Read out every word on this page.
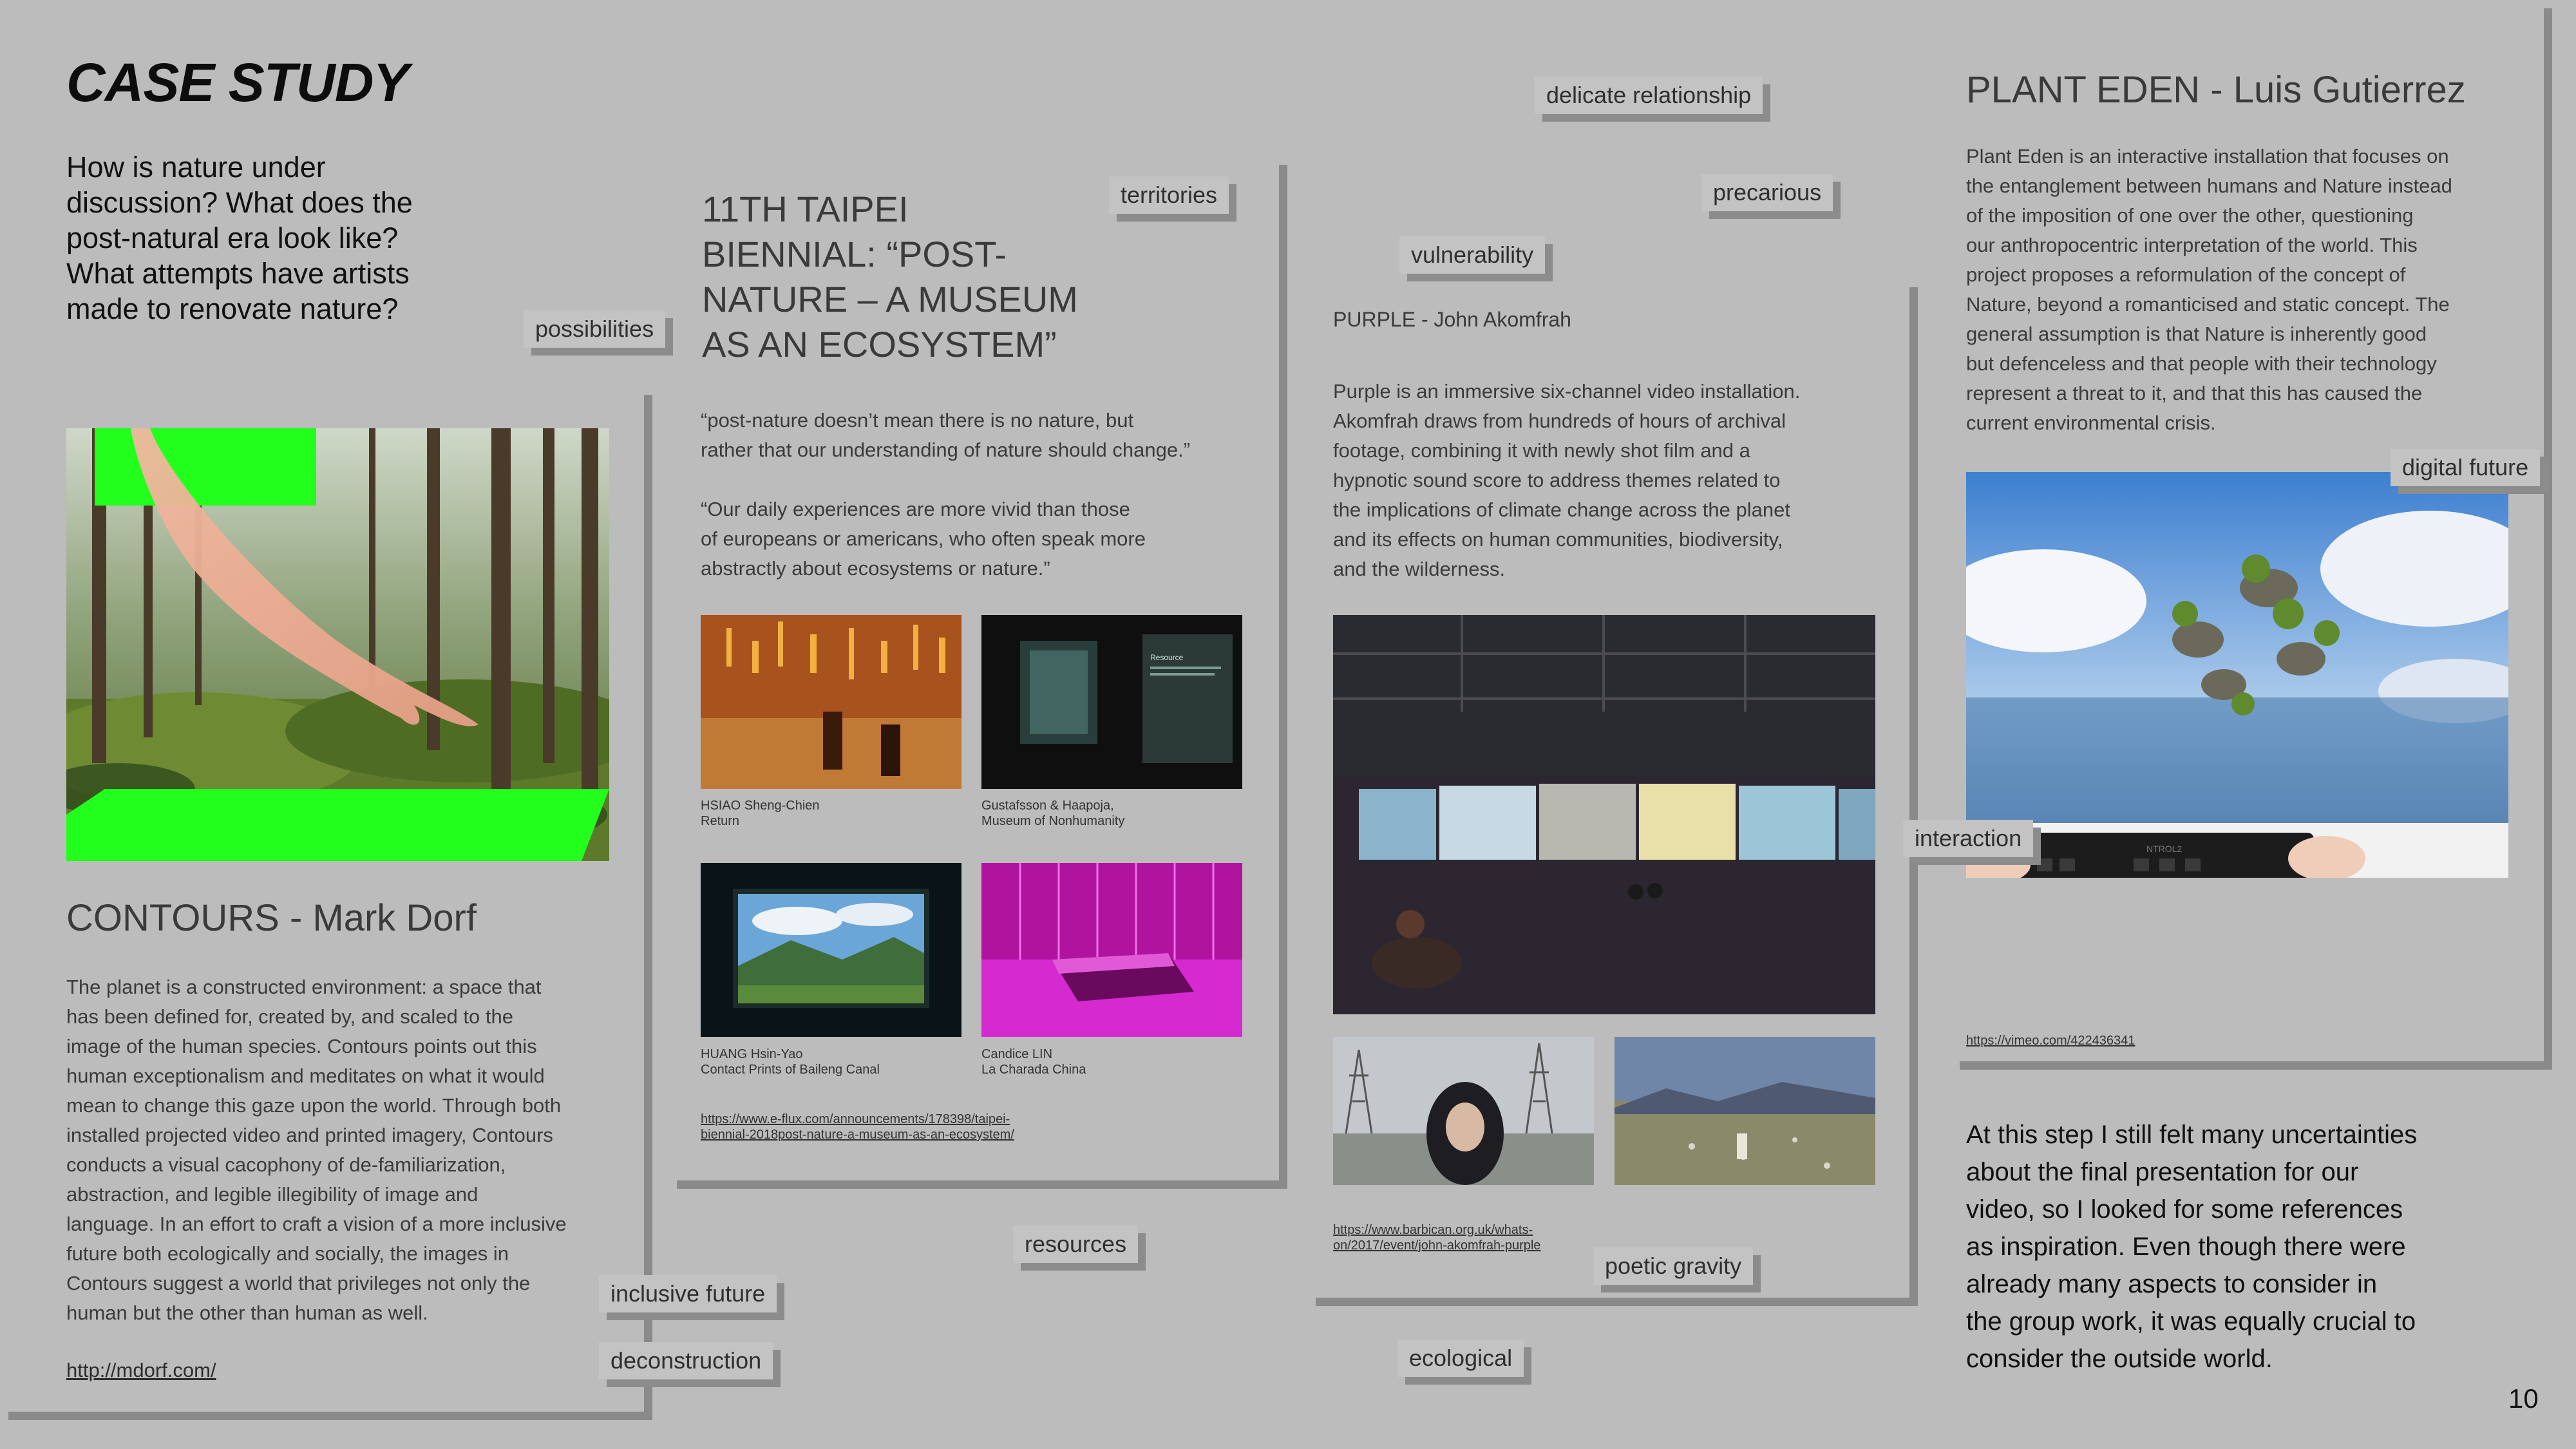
CASE STUDY
How is nature under
discussion? What does the
post-natural era look like?
What attempts have artists
made to renovate nature?
CONTOURS - Mark Dorf
The planet is a constructed environment: a space that
has been defined for, created by, and scaled to the
image of the human species. Contours points out this
human exceptionalism and meditates on what it would
mean to change this gaze upon the world. Through both
installed projected video and printed imagery, Contours
conducts a visual cacophony of de-familiarization,
abstraction, and legible illegibility of image and
language. In an effort to craft a vision of a more inclusive
future both ecologically and socially, the images in
Contours suggest a world that privileges not only the
human but the other than human as well.
http://mdorf.com/
11TH TAIPEI
BIENNIAL: “POST-
NATURE – A MUSEUM
AS AN ECOSYSTEM”
“post-nature doesn’t mean there is no nature, but
rather that our understanding of nature should change.”
“Our daily experiences are more vivid than those
of europeans or americans, who often speak more
abstractly about ecosystems or nature.”
Resource
HSIAO Sheng-Chien
Return
Gustafsson & Haapoja,
Museum of Nonhumanity
HUANG Hsin-Yao
Contact Prints of Baileng Canal
Candice LIN
La Charada China
https://www.e-flux.com/announcements/178398/taipei-
biennial-2018post-nature-a-museum-as-an-ecosystem/
PURPLE - John Akomfrah
Purple is an immersive six-channel video installation.
Akomfrah draws from hundreds of hours of archival
footage, combining it with newly shot film and a
hypnotic sound score to address themes related to
the implications of climate change across the planet
and its effects on human communities, biodiversity,
and the wilderness.
https://www.barbican.org.uk/whats-
on/2017/event/john-akomfrah-purple
PLANT EDEN - Luis Gutierrez
Plant Eden is an interactive installation that focuses on
the entanglement between humans and Nature instead
of the imposition of one over the other, questioning
our anthropocentric interpretation of the world. This
project proposes a reformulation of the concept of
Nature, beyond a romanticised and static concept. The
general assumption is that Nature is inherently good
but defenceless and that people with their technology
represent a threat to it, and that this has caused the
current environmental crisis.
NTROL2
https://vimeo.com/422436341
At this step I still felt many uncertainties
about the final presentation for our
video, so I looked for some references
as inspiration. Even though there were
already many aspects to consider in
the group work, it was equally crucial to
consider the outside world.
10
possibilities
territories
delicate relationship
precarious
vulnerability
digital future
interaction
inclusive future
deconstruction
resources
ecological
poetic gravity
